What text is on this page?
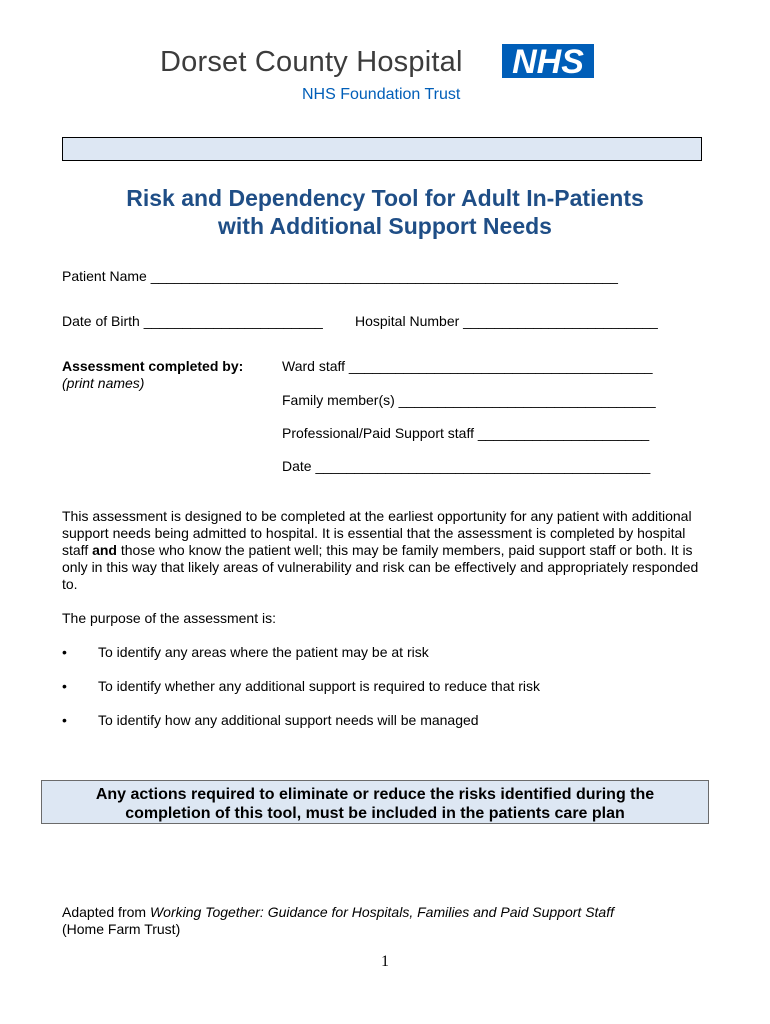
Dorset County Hospital
NHS Foundation Trust
NHS
Risk and Dependency Tool for Adult In-Patients
with Additional Support Needs
Patient Name ____________________________________________________________
Date of Birth _______________________ Hospital Number _________________________
Assessment completed by:
(print names)
Ward staff _______________________________________
Family member(s) _________________________________
Professional/Paid Support staff ______________________
Date ___________________________________________

This assessment is designed to be completed at the earliest opportunity for any patient with additional support needs being admitted to hospital. It is essential that the assessment is completed by hospital staff and those who know the patient well; this may be family members, paid support staff or both. It is only in this way that likely areas of vulnerability and risk can be effectively and appropriately responded to.

The purpose of the assessment is:
• To identify any areas where the patient may be at risk
• To identify whether any additional support is required to reduce that risk
• To identify how any additional support needs will be managed
Any actions required to eliminate or reduce the risks identified during the
completion of this tool, must be included in the patients care plan
Adapted from Working Together: Guidance for Hospitals, Families and Paid Support Staff
(Home Farm Trust)
1
